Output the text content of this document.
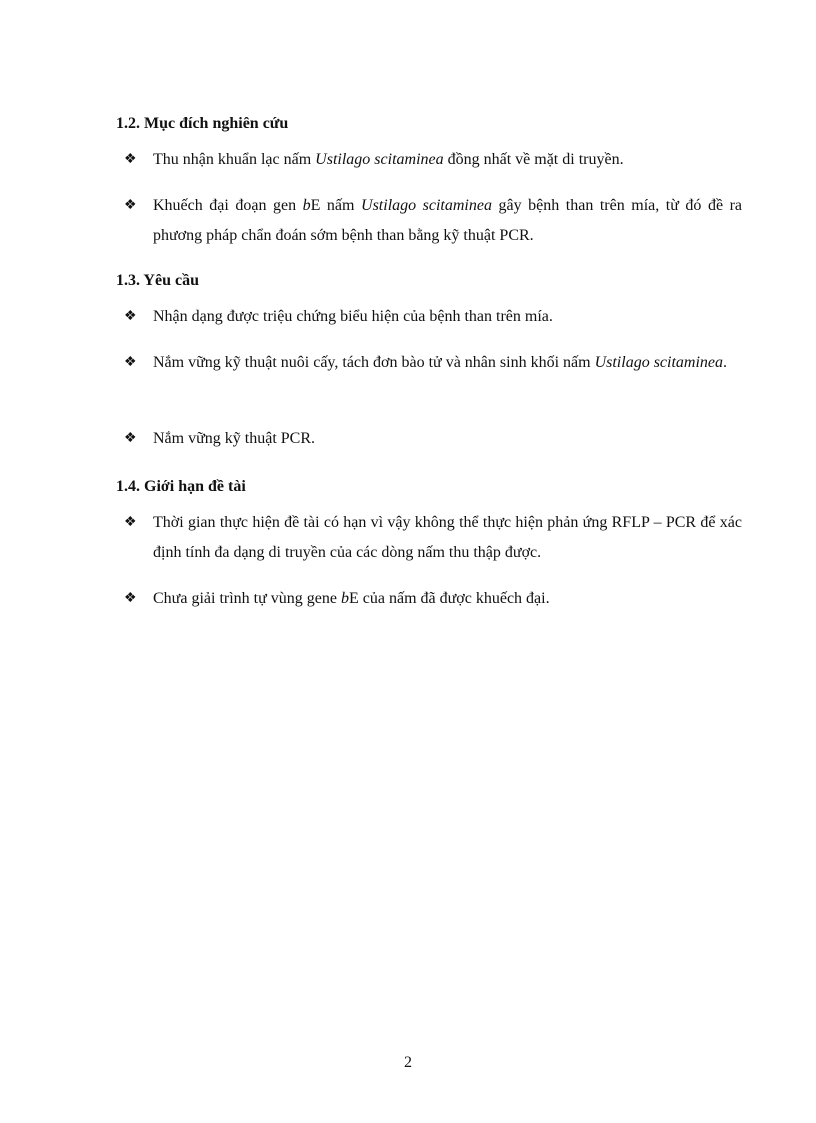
1.2. Mục đích nghiên cứu
❖ Thu nhận khuẩn lạc nấm Ustilago scitaminea đồng nhất về mặt di truyền.
❖ Khuếch đại đoạn gen bE nấm Ustilago scitaminea gây bệnh than trên mía, từ đó đề ra phương pháp chẩn đoán sớm bệnh than bằng kỹ thuật PCR.
1.3. Yêu cầu
❖ Nhận dạng được triệu chứng biểu hiện của bệnh than trên mía.
❖ Nắm vững kỹ thuật nuôi cấy, tách đơn bào tử và nhân sinh khối nấm Ustilago scitaminea.
❖ Nắm vững kỹ thuật PCR.
1.4. Giới hạn đề tài
❖ Thời gian thực hiện đề tài có hạn vì vậy không thể thực hiện phản ứng RFLP – PCR để xác định tính đa dạng di truyền của các dòng nấm thu thập được.
❖ Chưa giải trình tự vùng gene bE của nấm đã được khuếch đại.
2
